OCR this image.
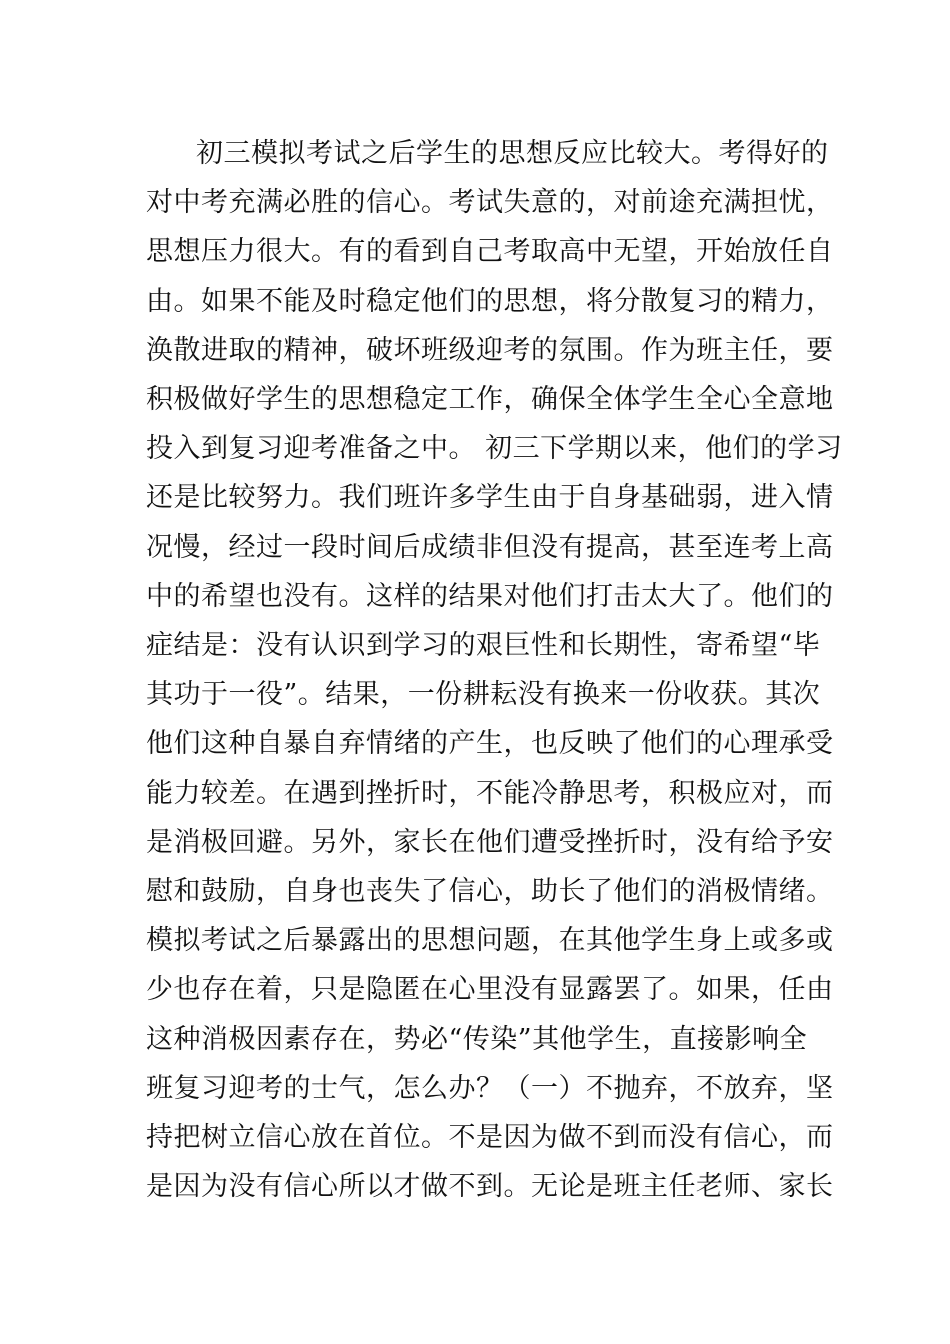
初三模拟考试之后学生的思想反应比较大。考得好的
对中考充满必胜的信心。考试失意的，对前途充满担忧，
思想压力很大。有的看到自己考取高中无望，开始放任自
由。如果不能及时稳定他们的思想，将分散复习的精力，
涣散进取的精神，破坏班级迎考的氛围。作为班主任，要
积极做好学生的思想稳定工作，确保全体学生全心全意地
投入到复习迎考准备之中。 初三下学期以来，他们的学习
还是比较努力。我们班许多学生由于自身基础弱，进入情
况慢，经过一段时间后成绩非但没有提高，甚至连考上高
中的希望也没有。这样的结果对他们打击太大了。他们的
症结是：没有认识到学习的艰巨性和长期性，寄希望“毕
其功于一役”。结果，一份耕耘没有换来一份收获。其次
他们这种自暴自弃情绪的产生，也反映了他们的心理承受
能力较差。在遇到挫折时，不能冷静思考，积极应对，而
是消极回避。另外，家长在他们遭受挫折时，没有给予安
慰和鼓励，自身也丧失了信心，助长了他们的消极情绪。
模拟考试之后暴露出的思想问题，在其他学生身上或多或
少也存在着，只是隐匿在心里没有显露罢了。如果，任由
这种消极因素存在，势必“传染”其他学生，直接影响全
班复习迎考的士气，怎么办？（一）不抛弃，不放弃，坚
持把树立信心放在首位。不是因为做不到而没有信心，而
是因为没有信心所以才做不到。无论是班主任老师、家长
